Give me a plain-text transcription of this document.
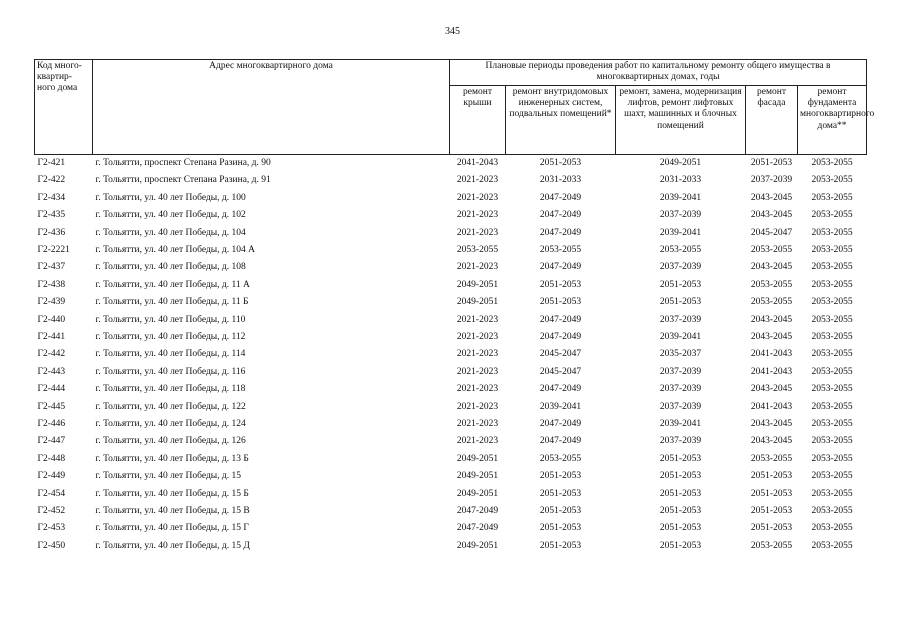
345
Код много-квартир-ного дома	Адрес многоквартирного дома	Плановые периоды проведения работ по капитальному ремонту общего имущества в многоквартирных домах, годы				
		ремонт крыши	ремонт внутридомовых инженерных систем, подвальных помещений*	ремонт, замена, модернизация лифтов, ремонт лифтовых шахт, машинных и блочных помещений	ремонт фасада	ремонт фундамента многоквартирного дома**
Г2-421	г. Тольятти, проспект Степана Разина, д. 90	2041-2043	2051-2053	2049-2051	2051-2053	2053-2055
Г2-422	г. Тольятти, проспект Степана Разина, д. 91	2021-2023	2031-2033	2031-2033	2037-2039	2053-2055
Г2-434	г. Тольятти, ул. 40 лет Победы, д. 100	2021-2023	2047-2049	2039-2041	2043-2045	2053-2055
Г2-435	г. Тольятти, ул. 40 лет Победы, д. 102	2021-2023	2047-2049	2037-2039	2043-2045	2053-2055
Г2-436	г. Тольятти, ул. 40 лет Победы, д. 104	2021-2023	2047-2049	2039-2041	2045-2047	2053-2055
Г2-2221	г. Тольятти, ул. 40 лет Победы, д. 104 А	2053-2055	2053-2055	2053-2055	2053-2055	2053-2055
Г2-437	г. Тольятти, ул. 40 лет Победы, д. 108	2021-2023	2047-2049	2037-2039	2043-2045	2053-2055
Г2-438	г. Тольятти, ул. 40 лет Победы, д. 11 А	2049-2051	2051-2053	2051-2053	2053-2055	2053-2055
Г2-439	г. Тольятти, ул. 40 лет Победы, д. 11 Б	2049-2051	2051-2053	2051-2053	2053-2055	2053-2055
Г2-440	г. Тольятти, ул. 40 лет Победы, д. 110	2021-2023	2047-2049	2037-2039	2043-2045	2053-2055
Г2-441	г. Тольятти, ул. 40 лет Победы, д. 112	2021-2023	2047-2049	2039-2041	2043-2045	2053-2055
Г2-442	г. Тольятти, ул. 40 лет Победы, д. 114	2021-2023	2045-2047	2035-2037	2041-2043	2053-2055
Г2-443	г. Тольятти, ул. 40 лет Победы, д. 116	2021-2023	2045-2047	2037-2039	2041-2043	2053-2055
Г2-444	г. Тольятти, ул. 40 лет Победы, д. 118	2021-2023	2047-2049	2037-2039	2043-2045	2053-2055
Г2-445	г. Тольятти, ул. 40 лет Победы, д. 122	2021-2023	2039-2041	2037-2039	2041-2043	2053-2055
Г2-446	г. Тольятти, ул. 40 лет Победы, д. 124	2021-2023	2047-2049	2039-2041	2043-2045	2053-2055
Г2-447	г. Тольятти, ул. 40 лет Победы, д. 126	2021-2023	2047-2049	2037-2039	2043-2045	2053-2055
Г2-448	г. Тольятти, ул. 40 лет Победы, д. 13 Б	2049-2051	2053-2055	2051-2053	2053-2055	2053-2055
Г2-449	г. Тольятти, ул. 40 лет Победы, д. 15	2049-2051	2051-2053	2051-2053	2051-2053	2053-2055
Г2-454	г. Тольятти, ул. 40 лет Победы, д. 15 Б	2049-2051	2051-2053	2051-2053	2051-2053	2053-2055
Г2-452	г. Тольятти, ул. 40 лет Победы, д. 15 В	2047-2049	2051-2053	2051-2053	2051-2053	2053-2055
Г2-453	г. Тольятти, ул. 40 лет Победы, д. 15 Г	2047-2049	2051-2053	2051-2053	2051-2053	2053-2055
Г2-450	г. Тольятти, ул. 40 лет Победы, д. 15 Д	2049-2051	2051-2053	2051-2053	2053-2055	2053-2055
